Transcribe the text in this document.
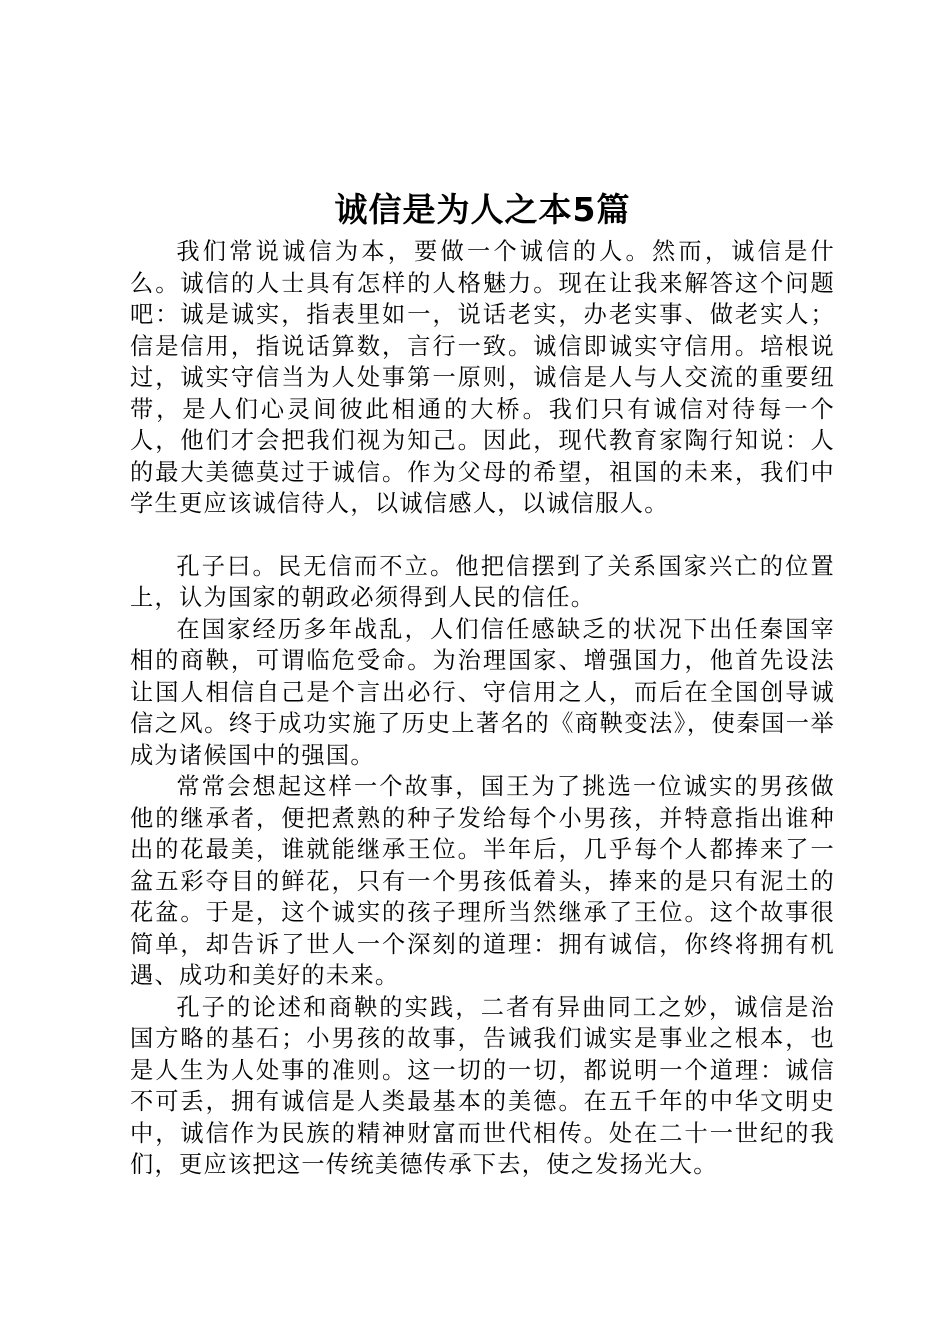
诚信是为人之本5篇

我们常说诚信为本，要做一个诚信的人。然而，诚信是什么。诚信的人士具有怎样的人格魅力。现在让我来解答这个问题吧：诚是诚实，指表里如一，说话老实，办老实事、做老实人；信是信用，指说话算数，言行一致。诚信即诚实守信用。培根说过，诚实守信当为人处事第一原则，诚信是人与人交流的重要纽带，是人们心灵间彼此相通的大桥。我们只有诚信对待每一个人，他们才会把我们视为知己。因此，现代教育家陶行知说：人的最大美德莫过于诚信。作为父母的希望，祖国的未来，我们中学生更应该诚信待人，以诚信感人，以诚信服人。

孔子曰。民无信而不立。他把信摆到了关系国家兴亡的位置上，认为国家的朝政必须得到人民的信任。

在国家经历多年战乱，人们信任感缺乏的状况下出任秦国宰相的商鞅，可谓临危受命。为治理国家、增强国力，他首先设法让国人相信自己是个言出必行、守信用之人，而后在全国创导诚信之风。终于成功实施了历史上著名的《商鞅变法》，使秦国一举成为诸候国中的强国。

常常会想起这样一个故事，国王为了挑选一位诚实的男孩做他的继承者，便把煮熟的种子发给每个小男孩，并特意指出谁种出的花最美，谁就能继承王位。半年后，几乎每个人都捧来了一盆五彩夺目的鲜花，只有一个男孩低着头，捧来的是只有泥土的花盆。于是，这个诚实的孩子理所当然继承了王位。这个故事很简单，却告诉了世人一个深刻的道理：拥有诚信，你终将拥有机遇、成功和美好的未来。

孔子的论述和商鞅的实践，二者有异曲同工之妙，诚信是治国方略的基石；小男孩的故事，告诫我们诚实是事业之根本，也是人生为人处事的准则。这一切的一切，都说明一个道理：诚信不可丢，拥有诚信是人类最基本的美德。在五千年的中华文明史中，诚信作为民族的精神财富而世代相传。处在二十一世纪的我们，更应该把这一传统美德传承下去，使之发扬光大。
